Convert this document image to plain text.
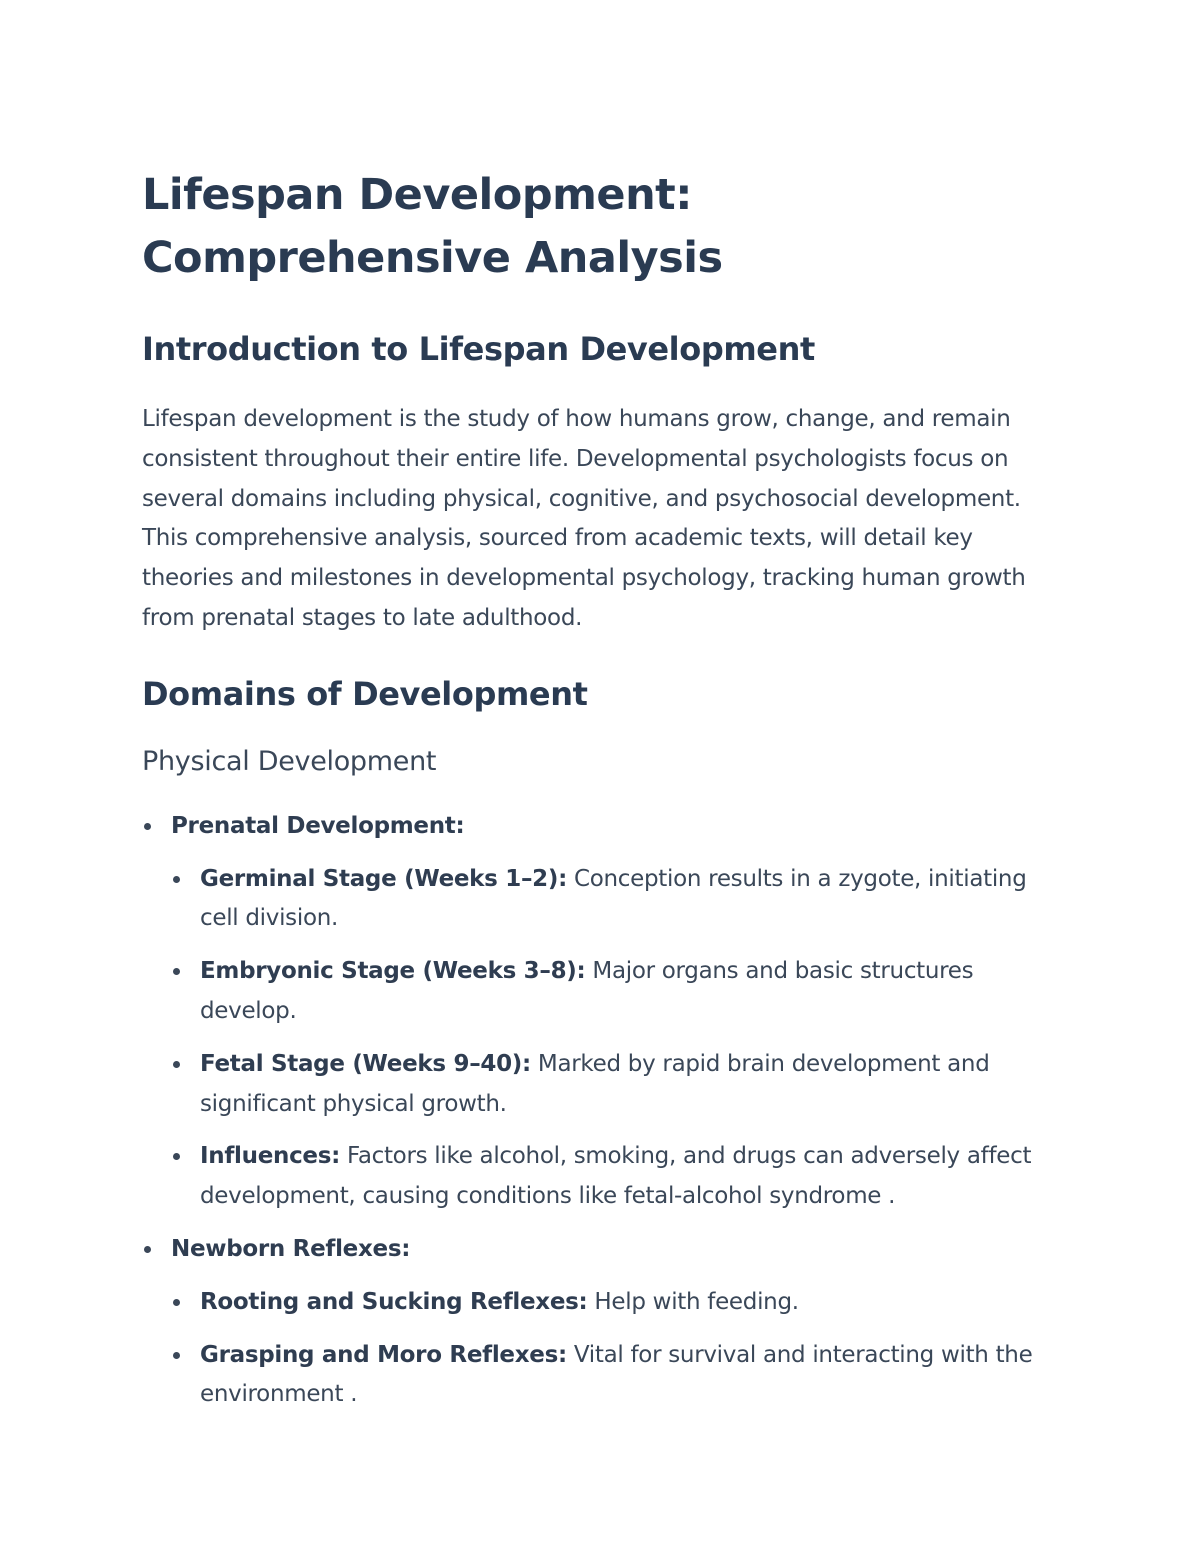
Lifespan Development: Comprehensive Analysis
Introduction to Lifespan Development

Lifespan development is the study of how humans grow, change, and remain consistent throughout their entire life. Developmental psychologists focus on several domains including physical, cognitive, and psychosocial development. This comprehensive analysis, sourced from academic texts, will detail key theories and milestones in developmental psychology, tracking human growth from prenatal stages to late adulthood.

Domains of Development
Physical Development
Prenatal Development:
Germinal Stage (Weeks 1–2): Conception results in a zygote, initiating cell division.
Embryonic Stage (Weeks 3–8): Major organs and basic structures develop.
Fetal Stage (Weeks 9–40): Marked by rapid brain development and significant physical growth.
Influences: Factors like alcohol, smoking, and drugs can adversely affect development, causing conditions like fetal-alcohol syndrome .
Newborn Reflexes:
Rooting and Sucking Reflexes: Help with feeding.
Grasping and Moro Reflexes: Vital for survival and interacting with the environment .
